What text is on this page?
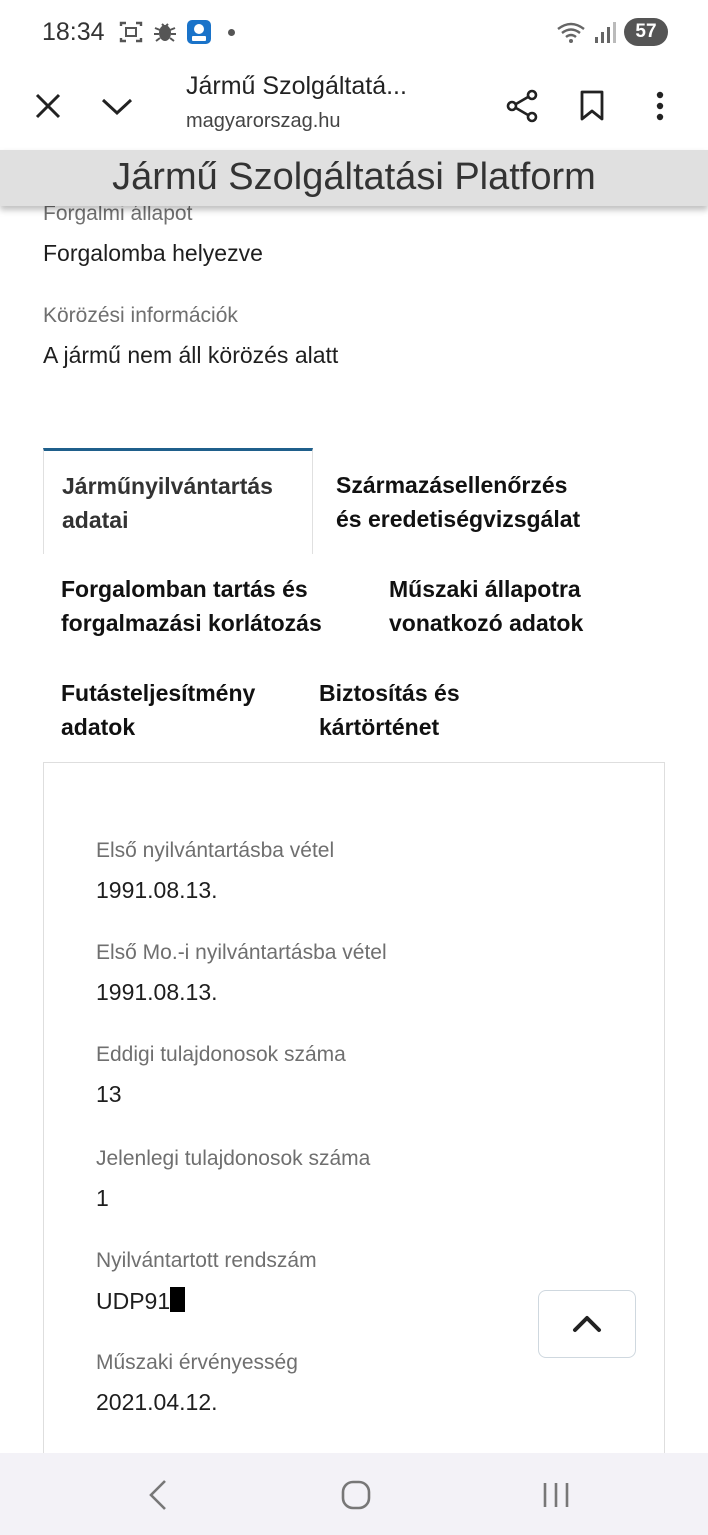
18:34	57
Jármű Szolgáltatá...
magyarorszag.hu
Jármű Szolgáltatási Platform
Forgalmi állapot
Forgalomba helyezve
Körözési információk
A jármű nem áll körözés alatt
Járműnyilvántartás
adatai
Származásellenőrzés
és eredetiségvizsgálat
Forgalomban tartás és
forgalmazási korlátozás
Műszaki állapotra
vonatkozó adatok
Futásteljesítmény
adatok
Biztosítás és
kártörténet
Első nyilvántartásba vétel
1991.08.13.
Első Mo.-i nyilvántartásba vétel
1991.08.13.
Eddigi tulajdonosok száma
13
Jelenlegi tulajdonosok száma
1
Nyilvántartott rendszám
UDP91
Műszaki érvényesség
2021.04.12.
